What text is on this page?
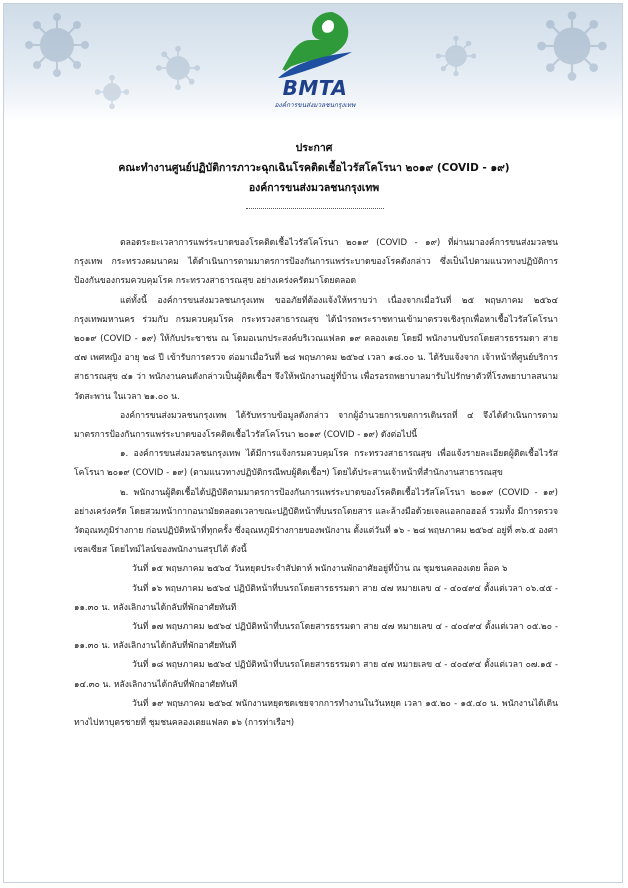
BMTA
องค์การขนส่งมวลชนกรุงเทพ
ประกาศ
คณะทำงานศูนย์ปฏิบัติการภาวะฉุกเฉินโรคติดเชื้อไวรัสโคโรนา ๒๐๑๙ (COVID - ๑๙)
องค์การขนส่งมวลชนกรุงเทพ

ตลอดระยะเวลาการแพร่ระบาดของโรคติดเชื้อไวรัสโคโรนา ๒๐๑๙ (COVID - ๑๙) ที่ผ่านมาองค์การขนส่งมวลชนกรุงเทพ กระทรวงคมนาคม ได้ดำเนินการตามมาตรการป้องกันการแพร่ระบาดของโรคดังกล่าว ซึ่งเป็นไปตามแนวทางปฏิบัติการป้องกันของกรมควบคุมโรค กระทรวงสาธารณสุข อย่างเคร่งครัดมาโดยตลอด

แต่ทั้งนี้ องค์การขนส่งมวลชนกรุงเทพ ขออภัยที่ต้องแจ้งให้ทราบว่า เนื่องจากเมื่อวันที่ ๒๕ พฤษภาคม ๒๕๖๔ กรุงเทพมหานคร ร่วมกับ กรมควบคุมโรค กระทรวงสาธารณสุข ได้นำรถพระราชทานเข้ามาตรวจเชิงรุกเพื่อหาเชื้อไวรัสโคโรนา ๒๐๑๙ (COVID - ๑๙) ให้กับประชาชน ณ โดมอเนกประสงค์บริเวณแฟลต ๑๙ คลองเตย โดยมี พนักงานขับรถโดยสารธรรมดา สาย ๔๗ เพศหญิง อายุ ๒๘ ปี เข้ารับการตรวจ ต่อมาเมื่อวันที่ ๒๘ พฤษภาคม ๒๕๖๔ เวลา ๑๘.๐๐ น. ได้รับแจ้งจาก เจ้าหน้าที่ศูนย์บริการสาธารณสุข ๔๑ ว่า พนักงานคนดังกล่าวเป็นผู้ติดเชื้อฯ จึงให้พนักงานอยู่ที่บ้าน เพื่อรอรถพยาบาลมารับไปรักษาตัวที่โรงพยาบาลสนามวัดสะพาน ในเวลา ๒๑.๐๐ น.

องค์การขนส่งมวลชนกรุงเทพ ได้รับทราบข้อมูลดังกล่าว จากผู้อำนวยการเขตการเดินรถที่ ๔ จึงได้ดำเนินการตามมาตรการป้องกันการแพร่ระบาดของโรคติดเชื้อไวรัสโคโรนา ๒๐๑๙ (COVID - ๑๙) ดังต่อไปนี้

๑. องค์การขนส่งมวลชนกรุงเทพ ได้มีการแจ้งกรมควบคุมโรค กระทรวงสาธารณสุข เพื่อแจ้งรายละเอียดผู้ติดเชื้อไวรัสโคโรนา ๒๐๑๙ (COVID - ๑๙) (ตามแนวทางปฏิบัติกรณีพบผู้ติดเชื้อฯ) โดยได้ประสานเจ้าหน้าที่สำนักงานสาธารณสุข

๒. พนักงานผู้ติดเชื้อได้ปฏิบัติตามมาตรการป้องกันการแพร่ระบาดของโรคติดเชื้อไวรัสโคโรนา ๒๐๑๙ (COVID - ๑๙) อย่างเคร่งครัด โดยสวมหน้ากากอนามัยตลอดเวลาขณะปฏิบัติหน้าที่บนรถโดยสาร และล้างมือด้วยเจลแอลกอฮอล์ รวมทั้ง มีการตรวจวัดอุณหภูมิร่างกาย ก่อนปฏิบัติหน้าที่ทุกครั้ง ซึ่งอุณหภูมิร่างกายของพนักงาน ตั้งแต่วันที่ ๑๖ - ๒๘ พฤษภาคม ๒๕๖๔ อยู่ที่ ๓๖.๕ องศาเซลเซียส โดยไทม์ไลน์ของพนักงานสรุปได้ ดังนี้

วันที่ ๑๕ พฤษภาคม ๒๕๖๔ วันหยุดประจำสัปดาห์ พนักงานพักอาศัยอยู่ที่บ้าน ณ ชุมชนคลองเตย ล็อค ๖

วันที่ ๑๖ พฤษภาคม ๒๕๖๔ ปฏิบัติหน้าที่บนรถโดยสารธรรมดา สาย ๔๗ หมายเลข ๔ - ๔๐๔๙๔ ตั้งแต่เวลา ๐๖.๔๕ - ๑๑.๓๐ น. หลังเลิกงานได้กลับที่พักอาศัยทันที

วันที่ ๑๗ พฤษภาคม ๒๕๖๔ ปฏิบัติหน้าที่บนรถโดยสารธรรมดา สาย ๔๗ หมายเลข ๔ - ๔๐๔๙๔ ตั้งแต่เวลา ๐๕.๒๐ - ๑๑.๓๐ น. หลังเลิกงานได้กลับที่พักอาศัยทันที

วันที่ ๑๘ พฤษภาคม ๒๕๖๔ ปฏิบัติหน้าที่บนรถโดยสารธรรมดา สาย ๔๗ หมายเลข ๔ - ๔๐๔๙๔ ตั้งแต่เวลา ๐๗.๑๕ - ๑๔.๓๐ น. หลังเลิกงานได้กลับที่พักอาศัยทันที

วันที่ ๑๙ พฤษภาคม ๒๕๖๔ พนักงานหยุดชดเชยจากการทำงานในวันหยุด เวลา ๑๕.๒๐ - ๑๕.๔๐ น. พนักงานได้เดินทางไปหาบุตรชายที่ ชุมชนคลองเตยแฟลต ๑๖ (การท่าเรือฯ)
